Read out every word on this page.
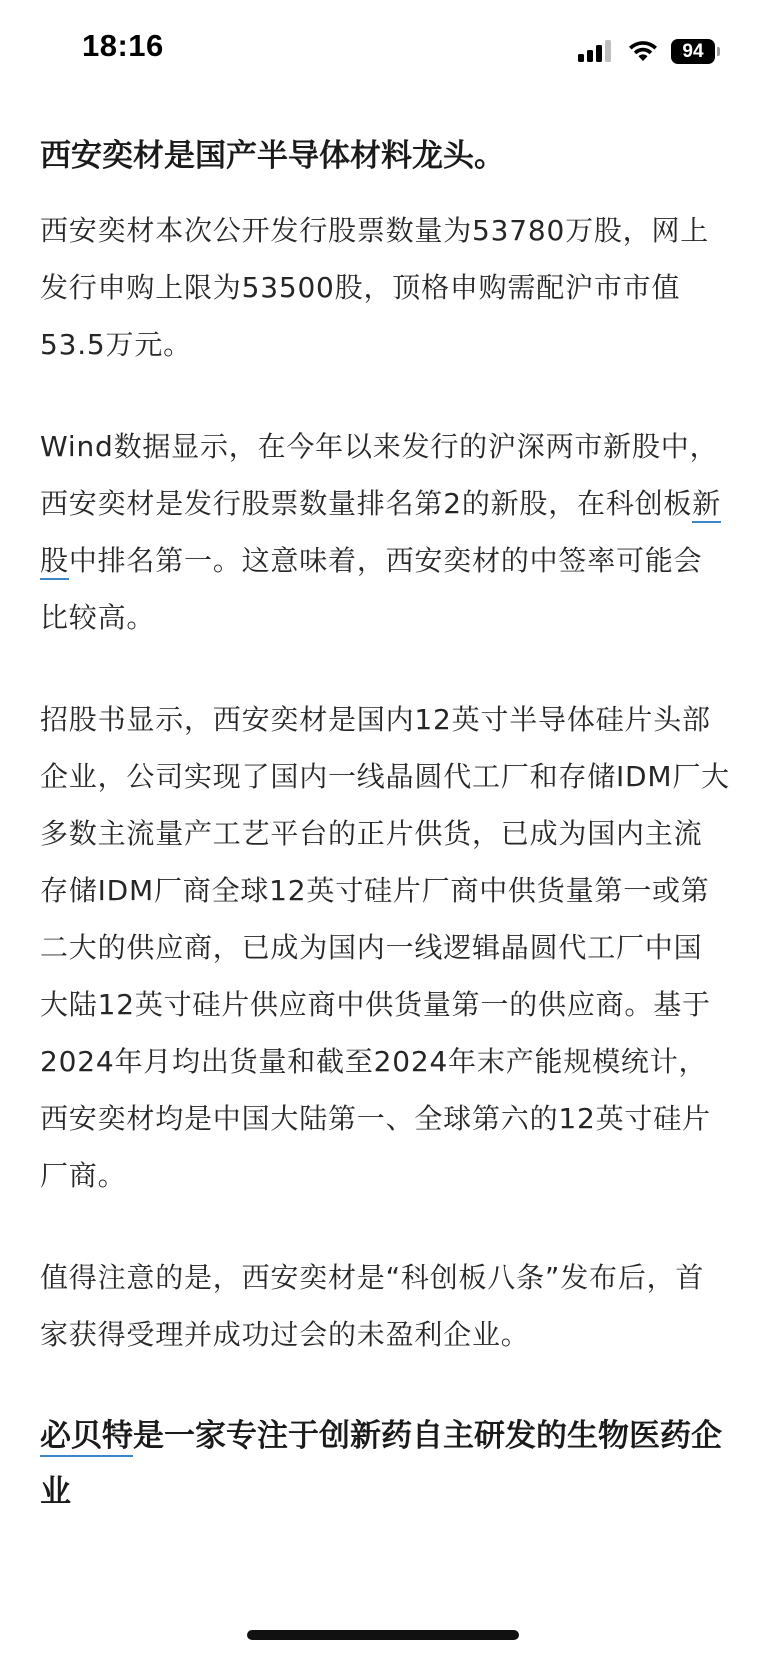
18:16	94
西安奕材是国产半导体材料龙头。

西安奕材本次公开发行股票数量为53780万股，网上发行申购上限为53500股，顶格申购需配沪市市值53.5万元。

Wind数据显示，在今年以来发行的沪深两市新股中，西安奕材是发行股票数量排名第2的新股，在科创板新股中排名第一。这意味着，西安奕材的中签率可能会比较高。

招股书显示，西安奕材是国内12英寸半导体硅片头部企业，公司实现了国内一线晶圆代工厂和存储IDM厂大多数主流量产工艺平台的正片供货，已成为国内主流存储IDM厂商全球12英寸硅片厂商中供货量第一或第二大的供应商，已成为国内一线逻辑晶圆代工厂中国大陆12英寸硅片供应商中供货量第一的供应商。基于2024年月均出货量和截至2024年末产能规模统计，西安奕材均是中国大陆第一、全球第六的12英寸硅片厂商。

值得注意的是，西安奕材是“科创板八条”发布后，首家获得受理并成功过会的未盈利企业。

必贝特是一家专注于创新药自主研发的生物医药企业
